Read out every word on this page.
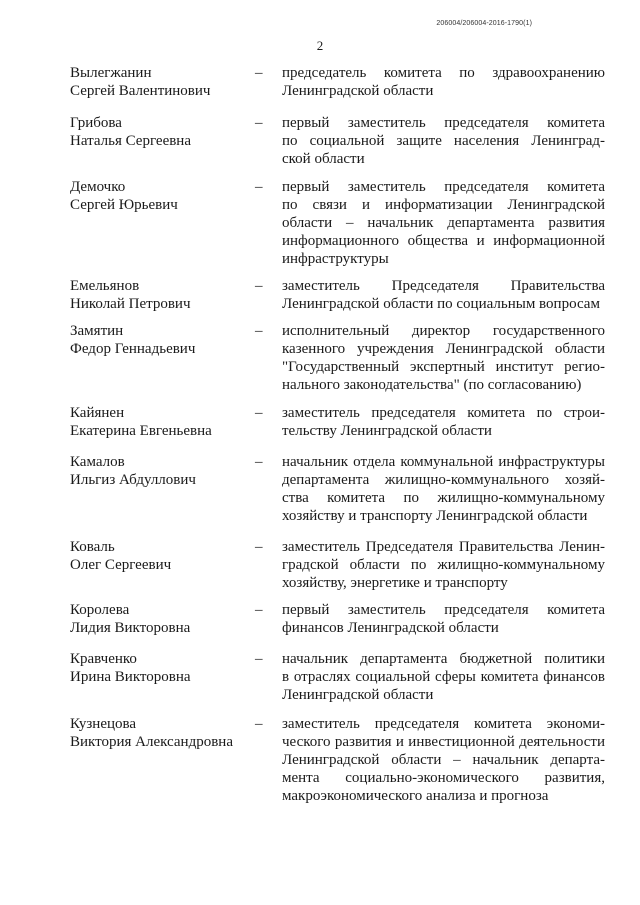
206004/206004-2016-1790(1)
2
Вылегжанин
Сергей Валентинович
–	председатель комитета по здравоохранению
Ленинградской области
Грибова
Наталья Сергеевна
–	первый заместитель председателя комитета
по социальной защите населения Ленинград-
ской области
Демочко
Сергей Юрьевич
–	первый заместитель председателя комитета
по связи и информатизации Ленинградской
области – начальник департамента развития
информационного общества и информационной
инфраструктуры
Емельянов
Николай Петрович
–	заместитель Председателя Правительства
Ленинградской области по социальным вопросам
Замятин
Федор Геннадьевич
–	исполнительный директор государственного
казенного учреждения Ленинградской области
"Государственный экспертный институт регио-
нального законодательства" (по согласованию)
Кайянен
Екатерина Евгеньевна
–	заместитель председателя комитета по строи-
тельству Ленинградской области
Камалов
Ильгиз Абдуллович
–	начальник отдела коммунальной инфраструктуры
департамента жилищно-коммунального хозяй-
ства комитета по жилищно-коммунальному
хозяйству и транспорту Ленинградской области
Коваль
Олег Сергеевич
–	заместитель Председателя Правительства Ленин-
градской области по жилищно-коммунальному
хозяйству, энергетике и транспорту
Королева
Лидия Викторовна
–	первый заместитель председателя комитета
финансов Ленинградской области
Кравченко
Ирина Викторовна
–	начальник департамента бюджетной политики
в отраслях социальной сферы комитета финансов
Ленинградской области
Кузнецова
Виктория Александровна
–	заместитель председателя комитета экономи-
ческого развития и инвестиционной деятельности
Ленинградской области – начальник департа-
мента социально-экономического развития,
макроэкономического анализа и прогноза
